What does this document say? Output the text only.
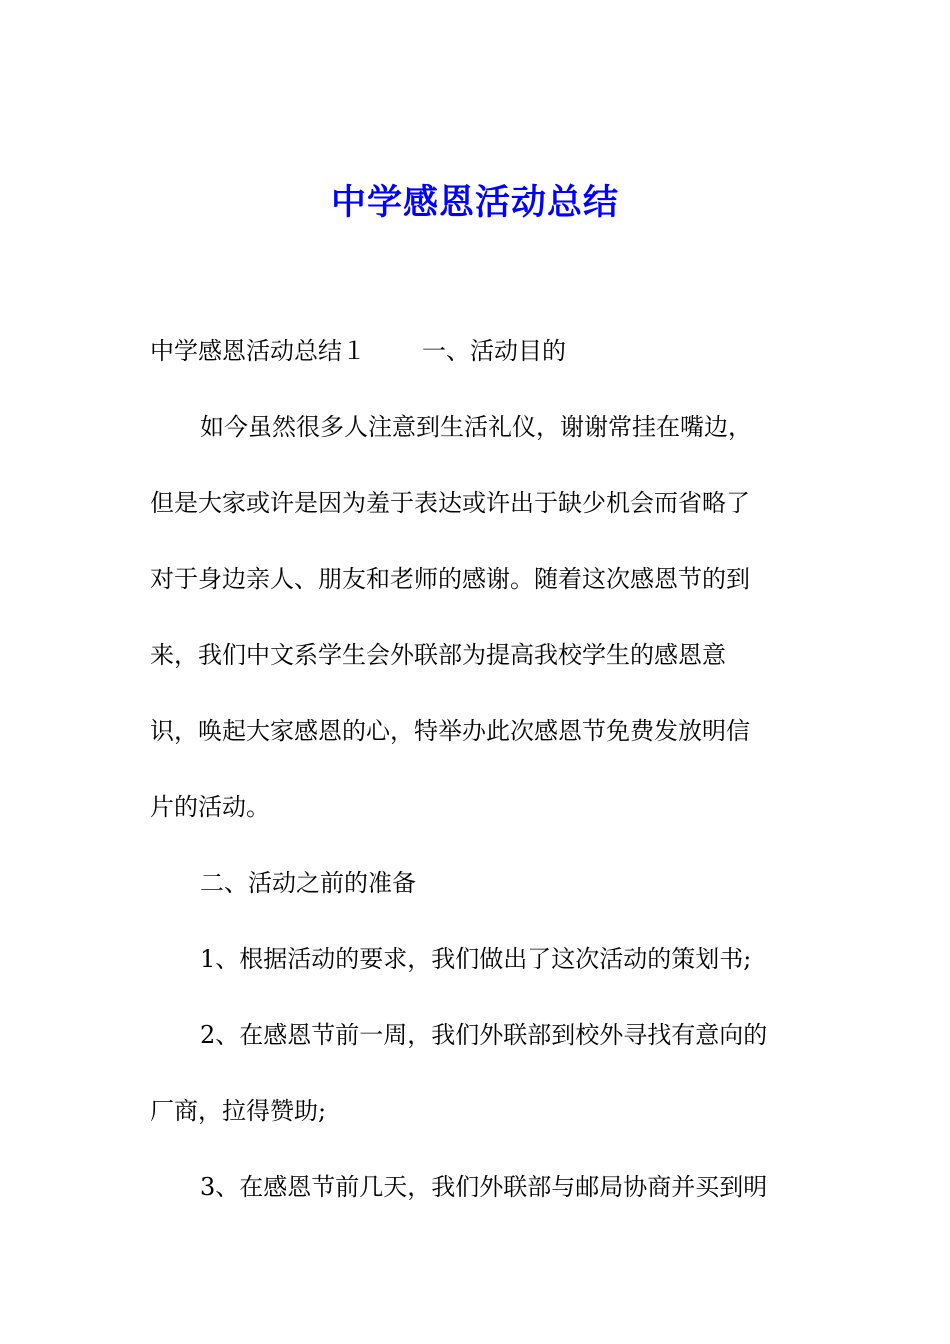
中学感恩活动总结
中学感恩活动总结１ 一、活动目的
如今虽然很多人注意到生活礼仪，谢谢常挂在嘴边，
但是大家或许是因为羞于表达或许出于缺少机会而省略了
对于身边亲人、朋友和老师的感谢。随着这次感恩节的到
来，我们中文系学生会外联部为提高我校学生的感恩意
识，唤起大家感恩的心，特举办此次感恩节免费发放明信
片的活动。
二、活动之前的准备
1、根据活动的要求，我们做出了这次活动的策划书;
2、在感恩节前一周，我们外联部到校外寻找有意向的
厂商，拉得赞助;
3、在感恩节前几天，我们外联部与邮局协商并买到明
